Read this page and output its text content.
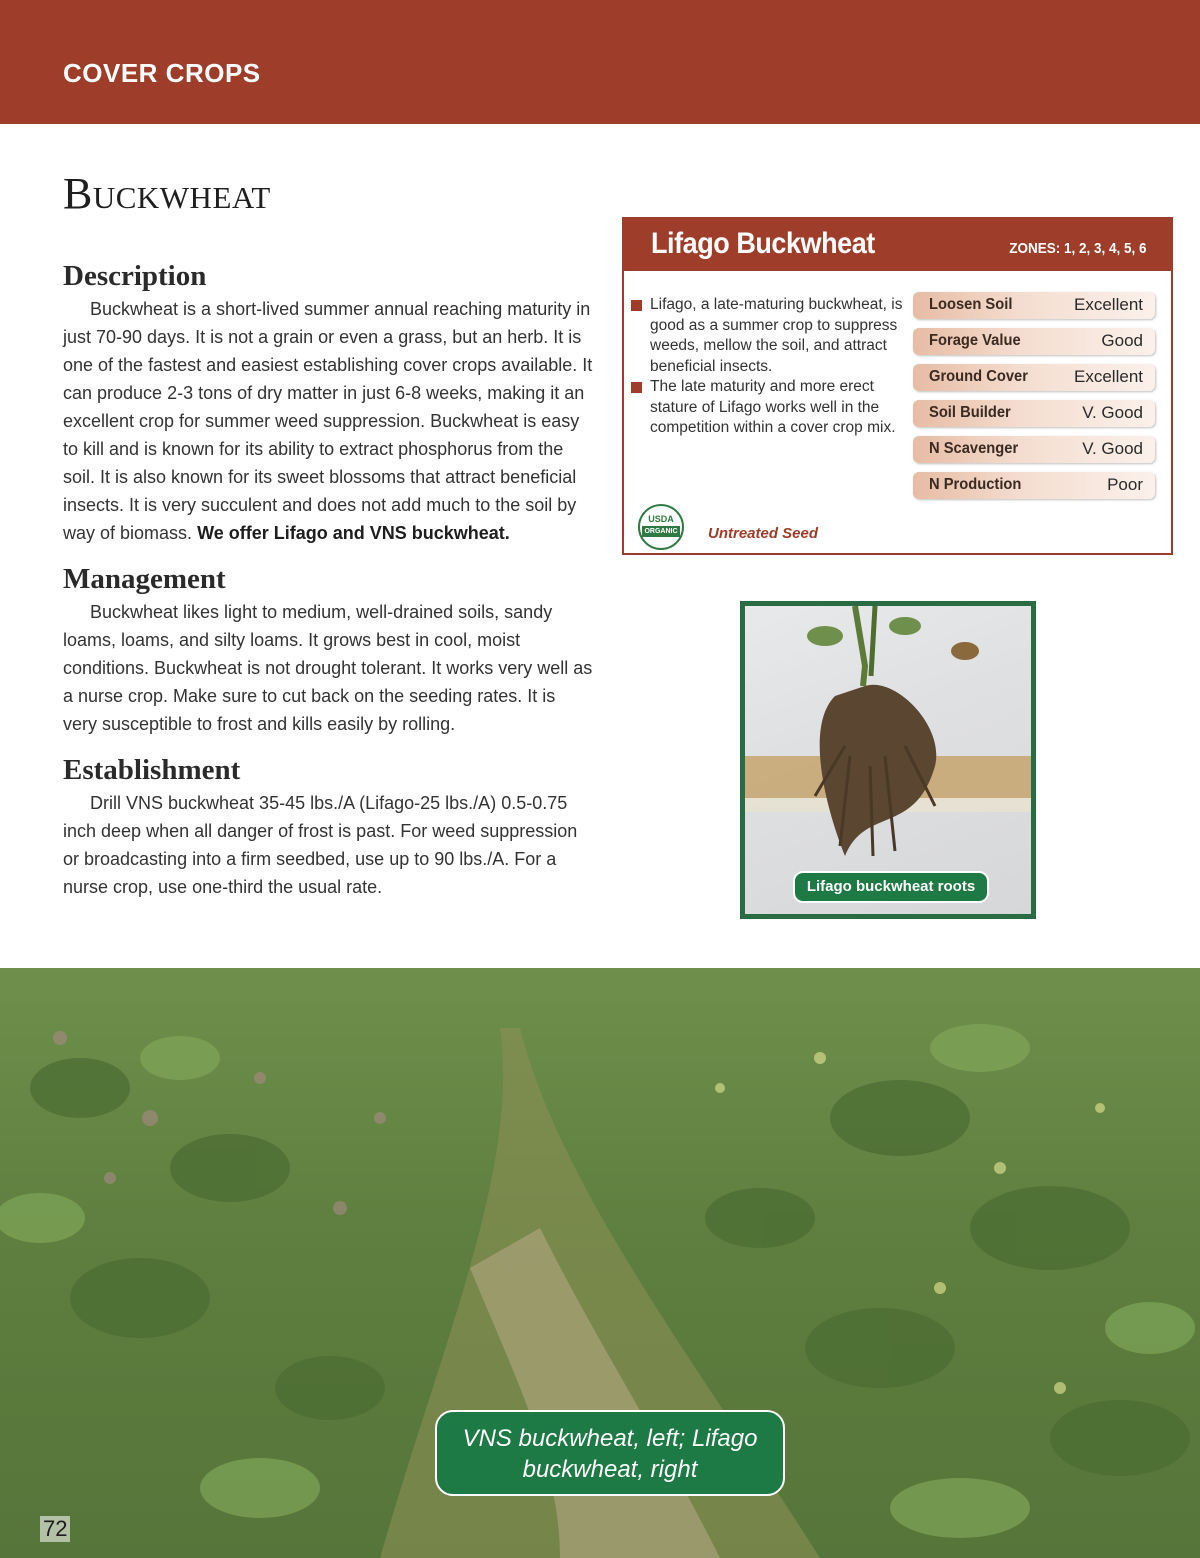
COVER CROPS
Buckwheat
Description

Buckwheat is a short-lived summer annual reaching maturity in just 70-90 days. It is not a grain or even a grass, but an herb. It is one of the fastest and easiest establishing cover crops available. It can produce 2-3 tons of dry matter in just 6-8 weeks, making it an excellent crop for summer weed suppression. Buckwheat is easy to kill and is known for its ability to extract phosphorus from the soil. It is also known for its sweet blossoms that attract beneficial insects. It is very succulent and does not add much to the soil by way of biomass. We offer Lifago and VNS buckwheat.

Management

Buckwheat likes light to medium, well-drained soils, sandy loams, loams, and silty loams. It grows best in cool, moist conditions. Buckwheat is not drought tolerant. It works very well as a nurse crop. Make sure to cut back on the seeding rates. It is very susceptible to frost and kills easily by rolling.

Establishment

Drill VNS buckwheat 35-45 lbs./A (Lifago-25 lbs./A) 0.5-0.75 inch deep when all danger of frost is past. For weed suppression or broadcasting into a firm seedbed, use up to 90 lbs./A. For a nurse crop, use one-third the usual rate.

Lifago Buckwheat	ZONES: 1, 2, 3, 4, 5, 6
Lifago, a late-maturing buckwheat, is good as a summer crop to suppress weeds, mellow the soil, and attract beneficial insects.
The late maturity and more erect stature of Lifago works well in the competition within a cover crop mix.
Loosen Soil	Excellent
Forage Value	Good
Ground Cover	Excellent
Soil Builder	V. Good
N Scavenger	V. Good
N Production	Poor
USDA
ORGANIC Untreated Seed
Lifago buckwheat roots
VNS buckwheat, left; Lifago buckwheat, right
72
